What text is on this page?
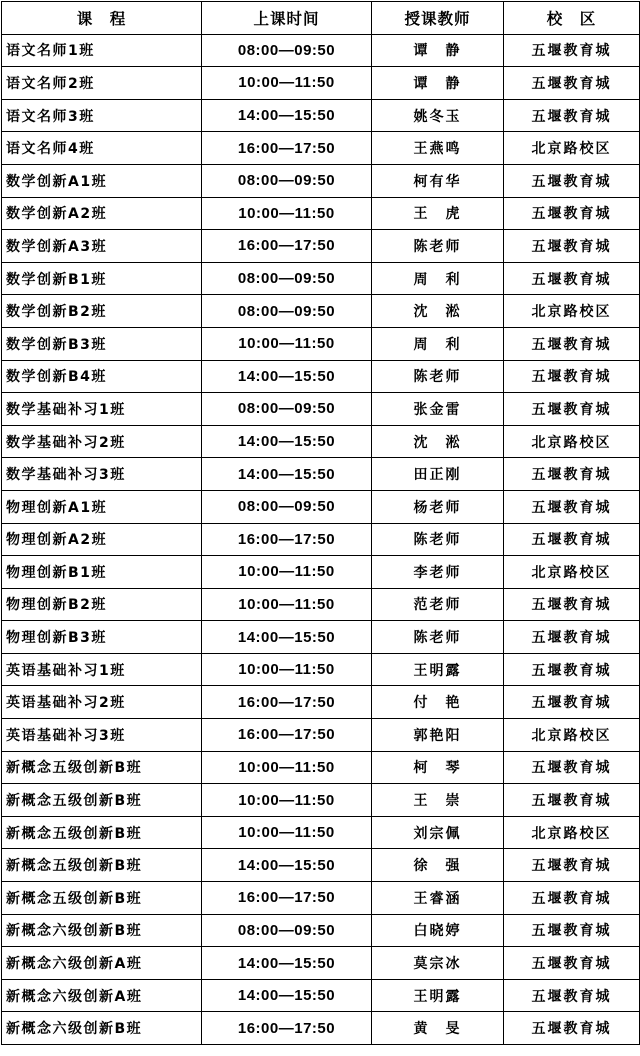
课　程	上课时间	授课教师	校　区
语文名师1班	08:00—09:50	谭　静	五堰教育城
语文名师2班	10:00—11:50	谭　静	五堰教育城
语文名师3班	14:00—15:50	姚冬玉	五堰教育城
语文名师4班	16:00—17:50	王燕鸣	北京路校区
数学创新A1班	08:00—09:50	柯有华	五堰教育城
数学创新A2班	10:00—11:50	王　虎	五堰教育城
数学创新A3班	16:00—17:50	陈老师	五堰教育城
数学创新B1班	08:00—09:50	周　利	五堰教育城
数学创新B2班	08:00—09:50	沈　淞	北京路校区
数学创新B3班	10:00—11:50	周　利	五堰教育城
数学创新B4班	14:00—15:50	陈老师	五堰教育城
数学基础补习1班	08:00—09:50	张金雷	五堰教育城
数学基础补习2班	14:00—15:50	沈　淞	北京路校区
数学基础补习3班	14:00—15:50	田正刚	五堰教育城
物理创新A1班	08:00—09:50	杨老师	五堰教育城
物理创新A2班	16:00—17:50	陈老师	五堰教育城
物理创新B1班	10:00—11:50	李老师	北京路校区
物理创新B2班	10:00—11:50	范老师	五堰教育城
物理创新B3班	14:00—15:50	陈老师	五堰教育城
英语基础补习1班	10:00—11:50	王明露	五堰教育城
英语基础补习2班	16:00—17:50	付　艳	五堰教育城
英语基础补习3班	16:00—17:50	郭艳阳	北京路校区
新概念五级创新B班	10:00—11:50	柯　琴	五堰教育城
新概念五级创新B班	10:00—11:50	王　崇	五堰教育城
新概念五级创新B班	10:00—11:50	刘宗佩	北京路校区
新概念五级创新B班	14:00—15:50	徐　强	五堰教育城
新概念五级创新B班	16:00—17:50	王睿涵	五堰教育城
新概念六级创新B班	08:00—09:50	白晓婷	五堰教育城
新概念六级创新A班	14:00—15:50	莫宗冰	五堰教育城
新概念六级创新A班	14:00—15:50	王明露	五堰教育城
新概念六级创新B班	16:00—17:50	黄　旻	五堰教育城
